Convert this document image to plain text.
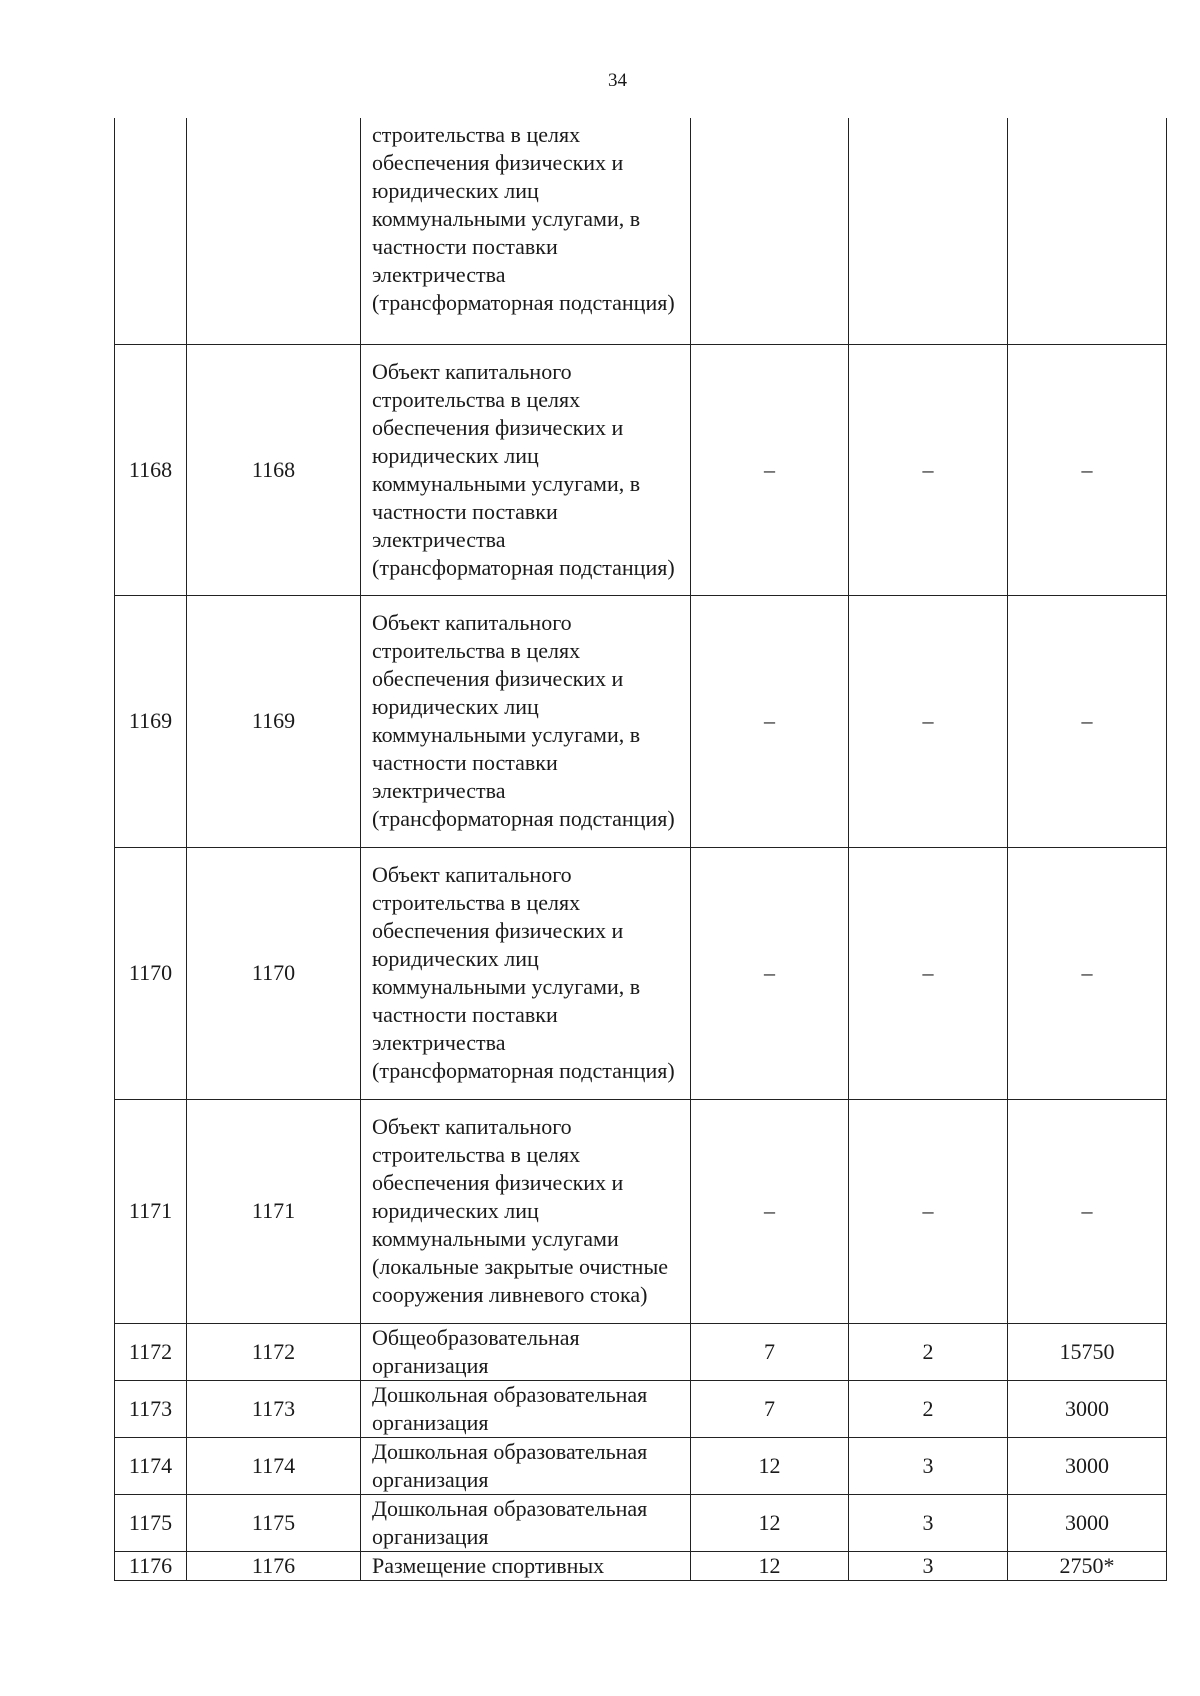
34
		строительства в целях обеспечения физических и юридических лиц коммунальными услугами, в частности поставки электричества (трансформаторная подстанция)			
1168	1168	Объект капитального строительства в целях обеспечения физических и юридических лиц коммунальными услугами, в частности поставки электричества (трансформаторная подстанция)	–	–	–
1169	1169	Объект капитального строительства в целях обеспечения физических и юридических лиц коммунальными услугами, в частности поставки электричества (трансформаторная подстанция)	–	–	–
1170	1170	Объект капитального строительства в целях обеспечения физических и юридических лиц коммунальными услугами, в частности поставки электричества (трансформаторная подстанция)	–	–	–
1171	1171	Объект капитального строительства в целях обеспечения физических и юридических лиц коммунальными услугами (локальные закрытые очистные сооружения ливневого стока)	–	–	–
1172	1172	Общеобразовательная организация	7	2	15750
1173	1173	Дошкольная образовательная организация	7	2	3000
1174	1174	Дошкольная образовательная организация	12	3	3000
1175	1175	Дошкольная образовательная организация	12	3	3000
1176	1176	Размещение спортивных	12	3	2750*
